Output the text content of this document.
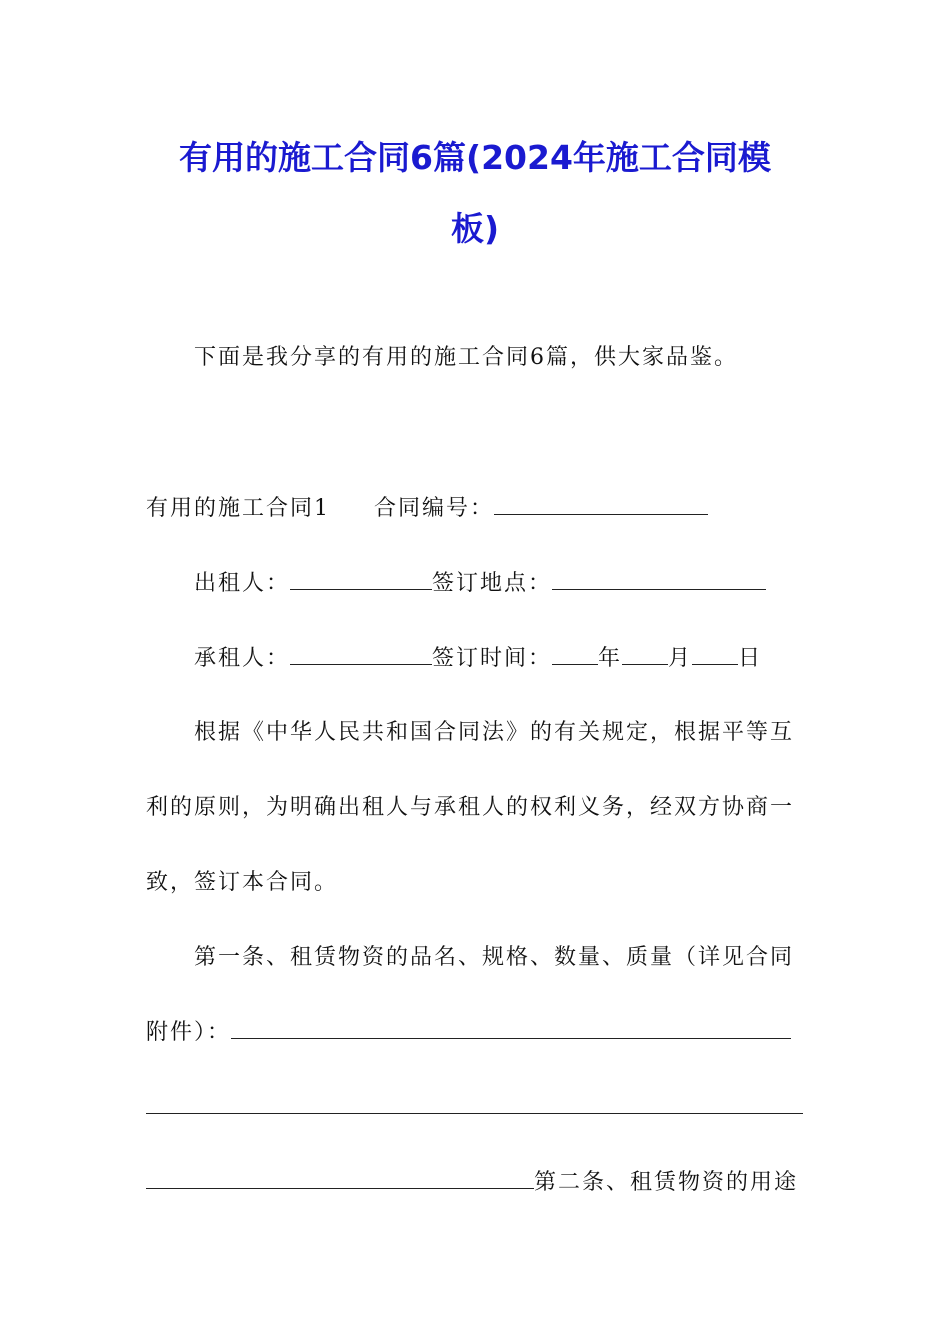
有用的施工合同6篇(2024年施工合同模
板)
下面是我分享的有用的施工合同6篇，供大家品鉴。
有用的施工合同1 合同编号：
出租人：	签订地点：
承租人：	签订时间： 年 月 日
根据《中华人民共和国合同法》的有关规定，根据平等互
利的原则，为明确出租人与承租人的权利义务，经双方协商一
致，签订本合同。
第一条、租赁物资的品名、规格、数量、质量（详见合同
附件）：
第二条、租赁物资的用途
